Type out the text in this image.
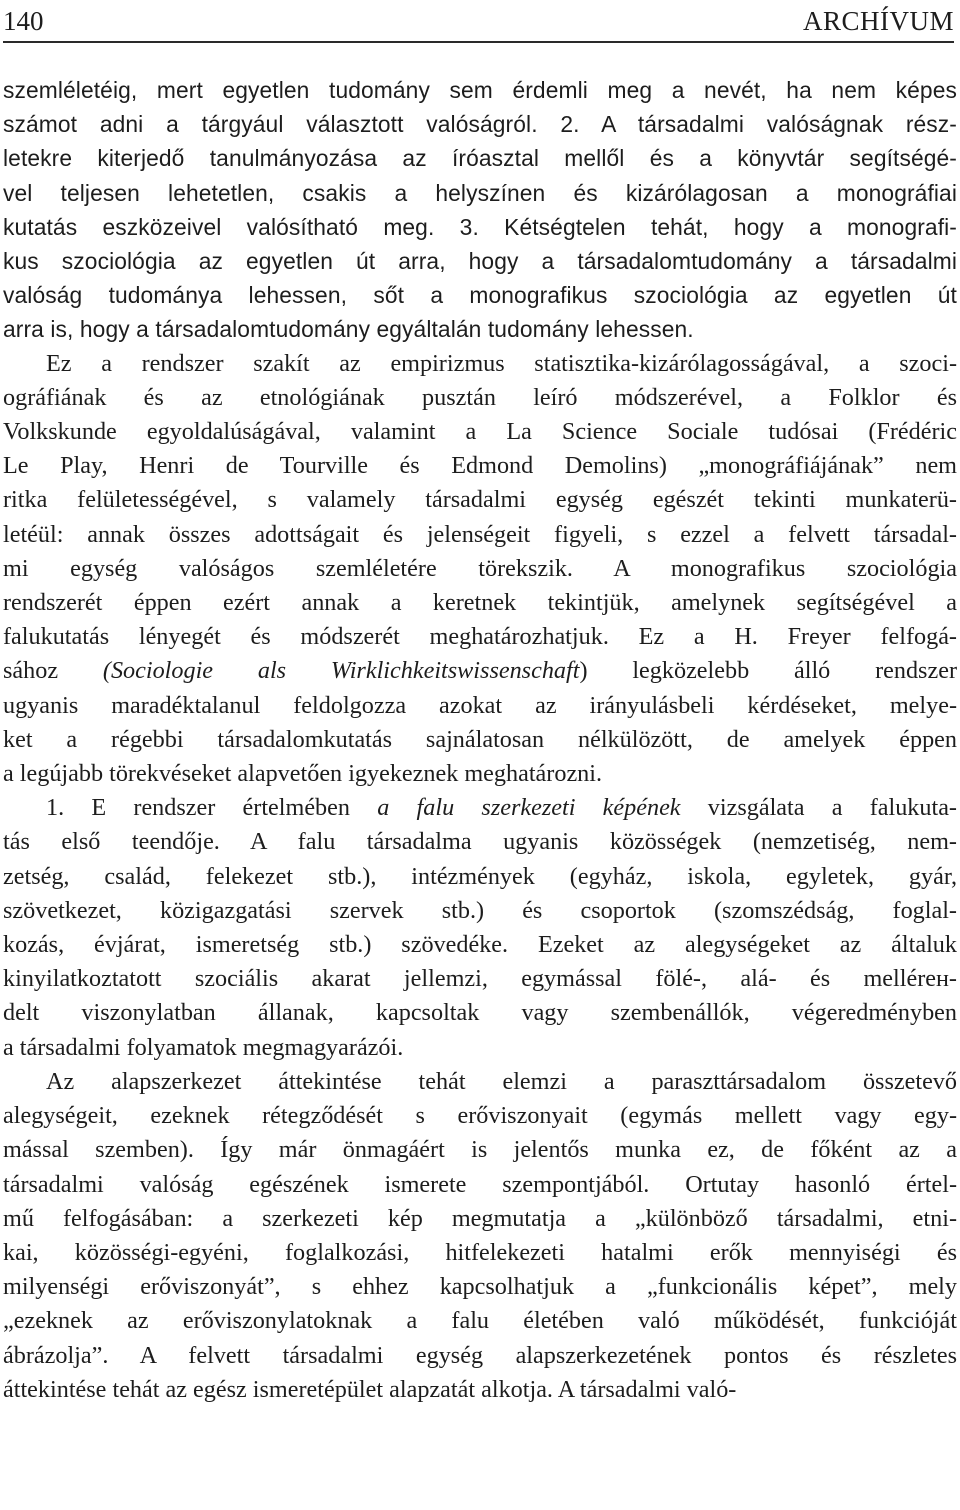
140	ARCHÍVUM

szemléletéig, mert egyetlen tudomány sem érdemli meg a nevét, ha nem képes
számot adni a tárgyául választott valóságról. 2. A társadalmi valóságnak rész-
letekre kiterjedő tanulmányozása az íróasztal mellől és a könyvtár segítségé-
vel teljesen lehetetlen, csakis a helyszínen és kizárólagosan a monográfiai
kutatás eszközeivel valósítható meg. 3. Kétségtelen tehát, hogy a monografi-
kus szociológia az egyetlen út arra, hogy a társadalomtudomány a társadalmi
valóság tudománya lehessen, sőt a monografikus szociológia az egyetlen út
arra is, hogy a társadalomtudomány egyáltalán tudomány lehessen.

Ez a rendszer szakít az empirizmus statisztika-kizárólagosságával, a szoci-
ográfiának és az etnológiának pusztán leíró módszerével, a Folklor és
Volkskunde egyoldalúságával, valamint a La Science Sociale tudósai (Frédéric
Le Play, Henri de Tourville és Edmond Demolins) „monográfiájának” nem
ritka felületességével, s valamely társadalmi egység egészét tekinti munkaterü-
letéül: annak összes adottságait és jelenségeit figyeli, s ezzel a felvett társadal-
mi egység valóságos szemléletére törekszik. A monografikus szociológia
rendszerét éppen ezért annak a keretnek tekintjük, amelynek segítségével a
falukutatás lényegét és módszerét meghatározhatjuk. Ez a H. Freyer felfogá-
sához (Sociologie als Wirklichkeitswissenschaft) legközelebb álló rendszer
ugyanis maradéktalanul feldolgozza azokat az irányulásbeli kérdéseket, melye-
ket a régebbi társadalomkutatás sajnálatosan nélkülözött, de amelyek éppen
a legújabb törekvéseket alapvetően igyekeznek meghatározni.

1. E rendszer értelmében a falu szerkezeti képének vizsgálata a falukuta-
tás első teendője. A falu társadalma ugyanis közösségek (nemzetiség, nem-
zetség, család, felekezet stb.), intézmények (egyház, iskola, egyletek, gyár,
szövetkezet, közigazgatási szervek stb.) és csoportok (szomszédság, foglal-
kozás, évjárat, ismeretség stb.) szövedéke. Ezeket az alegységeket az általuk
kinyilatkoztatott szociális akarat jellemzi, egymással fölé-, alá- és mellérен-
delt viszonylatban állanak, kapcsoltak vagy szembenállók, végeredményben
a társadalmi folyamatok megmagyarázói.

Az alapszerkezet áttekintése tehát elemzi a paraszttársadalom összetevő
alegységeit, ezeknek rétegződését s erőviszonyait (egymás mellett vagy egy-
mással szemben). Így már önmagáért is jelentős munka ez, de főként az a
társadalmi valóság egészének ismerete szempontjából. Ortutay hasonló értel-
mű felfogásában: a szerkezeti kép megmutatja a „különböző társadalmi, etni-
kai, közösségi-egyéni, foglalkozási, hitfelekezeti hatalmi erők mennyiségi és
milyenségi erőviszonyát”, s ehhez kapcsolhatjuk a „funkcionális képet”, mely
„ezeknek az erőviszonylatoknak a falu életében való működését, funkcióját
ábrázolja”. A felvett társadalmi egység alapszerkezetének pontos és részletes
áttekintése tehát az egész ismeretépület alapzatát alkotja. A társadalmi való-
